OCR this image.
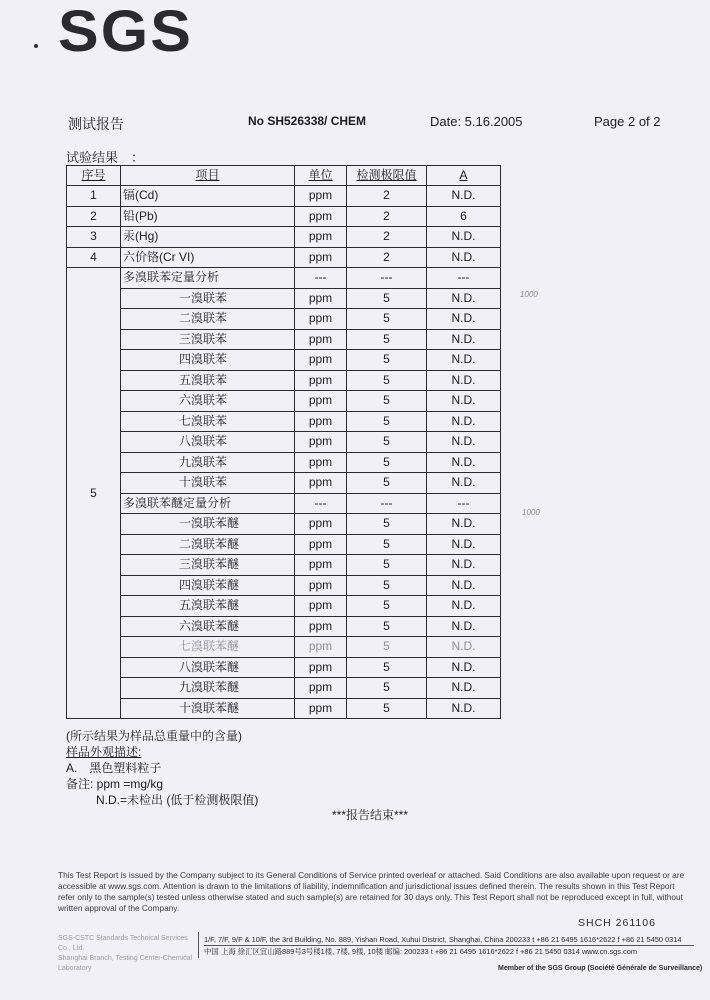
SGS
测试报告	No SH526338/ CHEM	Date: 5.16.2005	Page 2 of 2
试验结果　：
序号	项目	单位	检测极限值	A
1	镉(Cd)	ppm	2	N.D.
2	铅(Pb)	ppm	2	6
3	汞(Hg)	ppm	2	N.D.
4	六价铬(Cr VI)	ppm	2	N.D.
5	多溴联苯定量分析	---	---	---
	一溴联苯	ppm	5	N.D.
	二溴联苯	ppm	5	N.D.
	三溴联苯	ppm	5	N.D.
	四溴联苯	ppm	5	N.D.
	五溴联苯	ppm	5	N.D.
	六溴联苯	ppm	5	N.D.
	七溴联苯	ppm	5	N.D.
	八溴联苯	ppm	5	N.D.
	九溴联苯	ppm	5	N.D.
	十溴联苯	ppm	5	N.D.
	多溴联苯醚定量分析	---	---	---
	一溴联苯醚	ppm	5	N.D.
	二溴联苯醚	ppm	5	N.D.
	三溴联苯醚	ppm	5	N.D.
	四溴联苯醚	ppm	5	N.D.
	五溴联苯醚	ppm	5	N.D.
	六溴联苯醚	ppm	5	N.D.
	七溴联苯醚	ppm	5	N.D.
	八溴联苯醚	ppm	5	N.D.
	九溴联苯醚	ppm	5	N.D.
	十溴联苯醚	ppm	5	N.D.
1000
1000
(所示结果为样品总重量中的含量)
样品外观描述:
A.　黑色塑料粒子
备注: ppm =mg/kg
N.D.=未检出 (低于检测极限值)
***报告结束***
This Test Report is issued by the Company subject to its General Conditions of Service printed overleaf or attached. Said Conditions are also available upon request or are accessible at www.sgs.com. Attention is drawn to the limitations of liability, indemnification and jurisdictional issues defined therein. The results shown in this Test Report refer only to the sample(s) tested unless otherwise stated and such sample(s) are retained for 30 days only. This Test Report shall not be reproduced except in full, without written approval of the Company.
SHCH 261106
SGS-CSTC Standards Technical Services Co., Ltd.
Shanghai Branch, Testing Center-Chemical Laboratory
1/F, 7/F, 9/F & 10/F, the 3rd Building, No. 889, Yishan Road, Xuhui District, Shanghai, China 200233 t +86 21 6495 1616*2622 f +86 21 5450 0314
中国 上海 徐汇区宜山路889号3号楼1楼, 7楼, 9楼, 10楼 邮编: 200233 t +86 21 6495 1616*2622 f +86 21 5450 0314 www.cn.sgs.com
Member of the SGS Group (Société Générale de Surveillance)
